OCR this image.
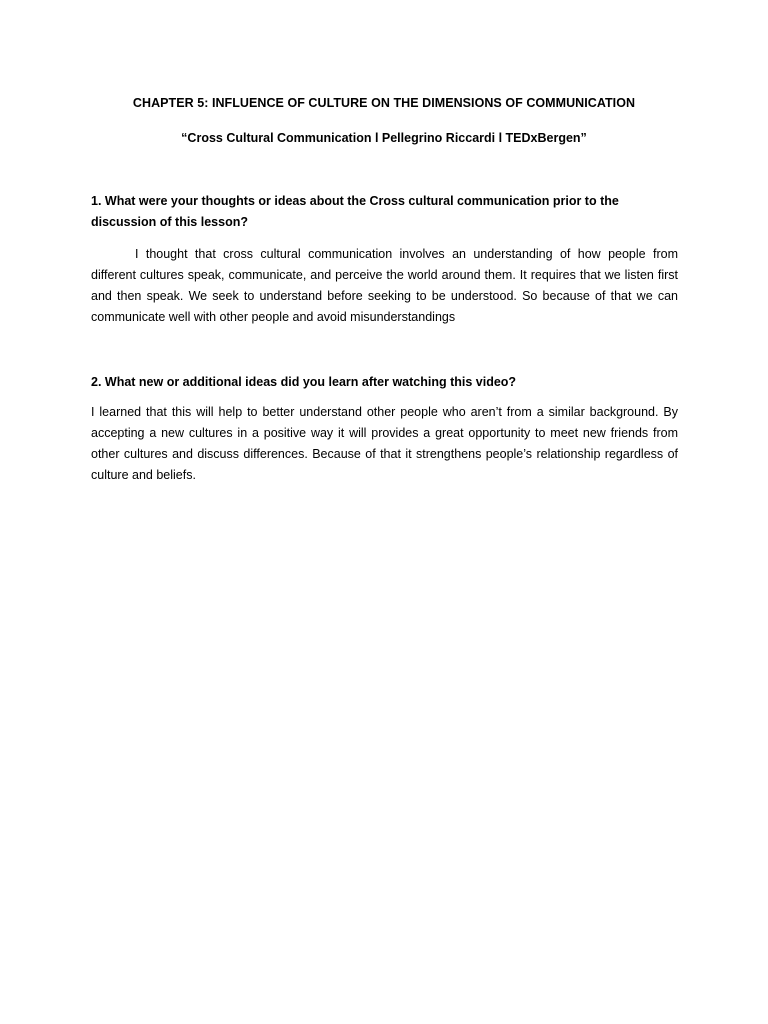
CHAPTER 5: INFLUENCE OF CULTURE ON THE DIMENSIONS OF COMMUNICATION
“Cross Cultural Communication l Pellegrino Riccardi l TEDxBergen”
1. What were your thoughts or ideas about the Cross cultural communication prior to the discussion of this lesson?
I thought that cross cultural communication involves an understanding of how people from different cultures speak, communicate, and perceive the world around them. It requires that we listen first and then speak. We seek to understand before seeking to be understood. So because of that we can communicate well with other people and avoid misunderstandings
2. What new or additional ideas did you learn after watching this video?
I learned that this will help to better understand other people who aren’t from a similar background. By accepting a new cultures in a positive way it will provides a great opportunity to meet new friends from other cultures and discuss differences. Because of that it strengthens people’s relationship regardless of culture and beliefs.
